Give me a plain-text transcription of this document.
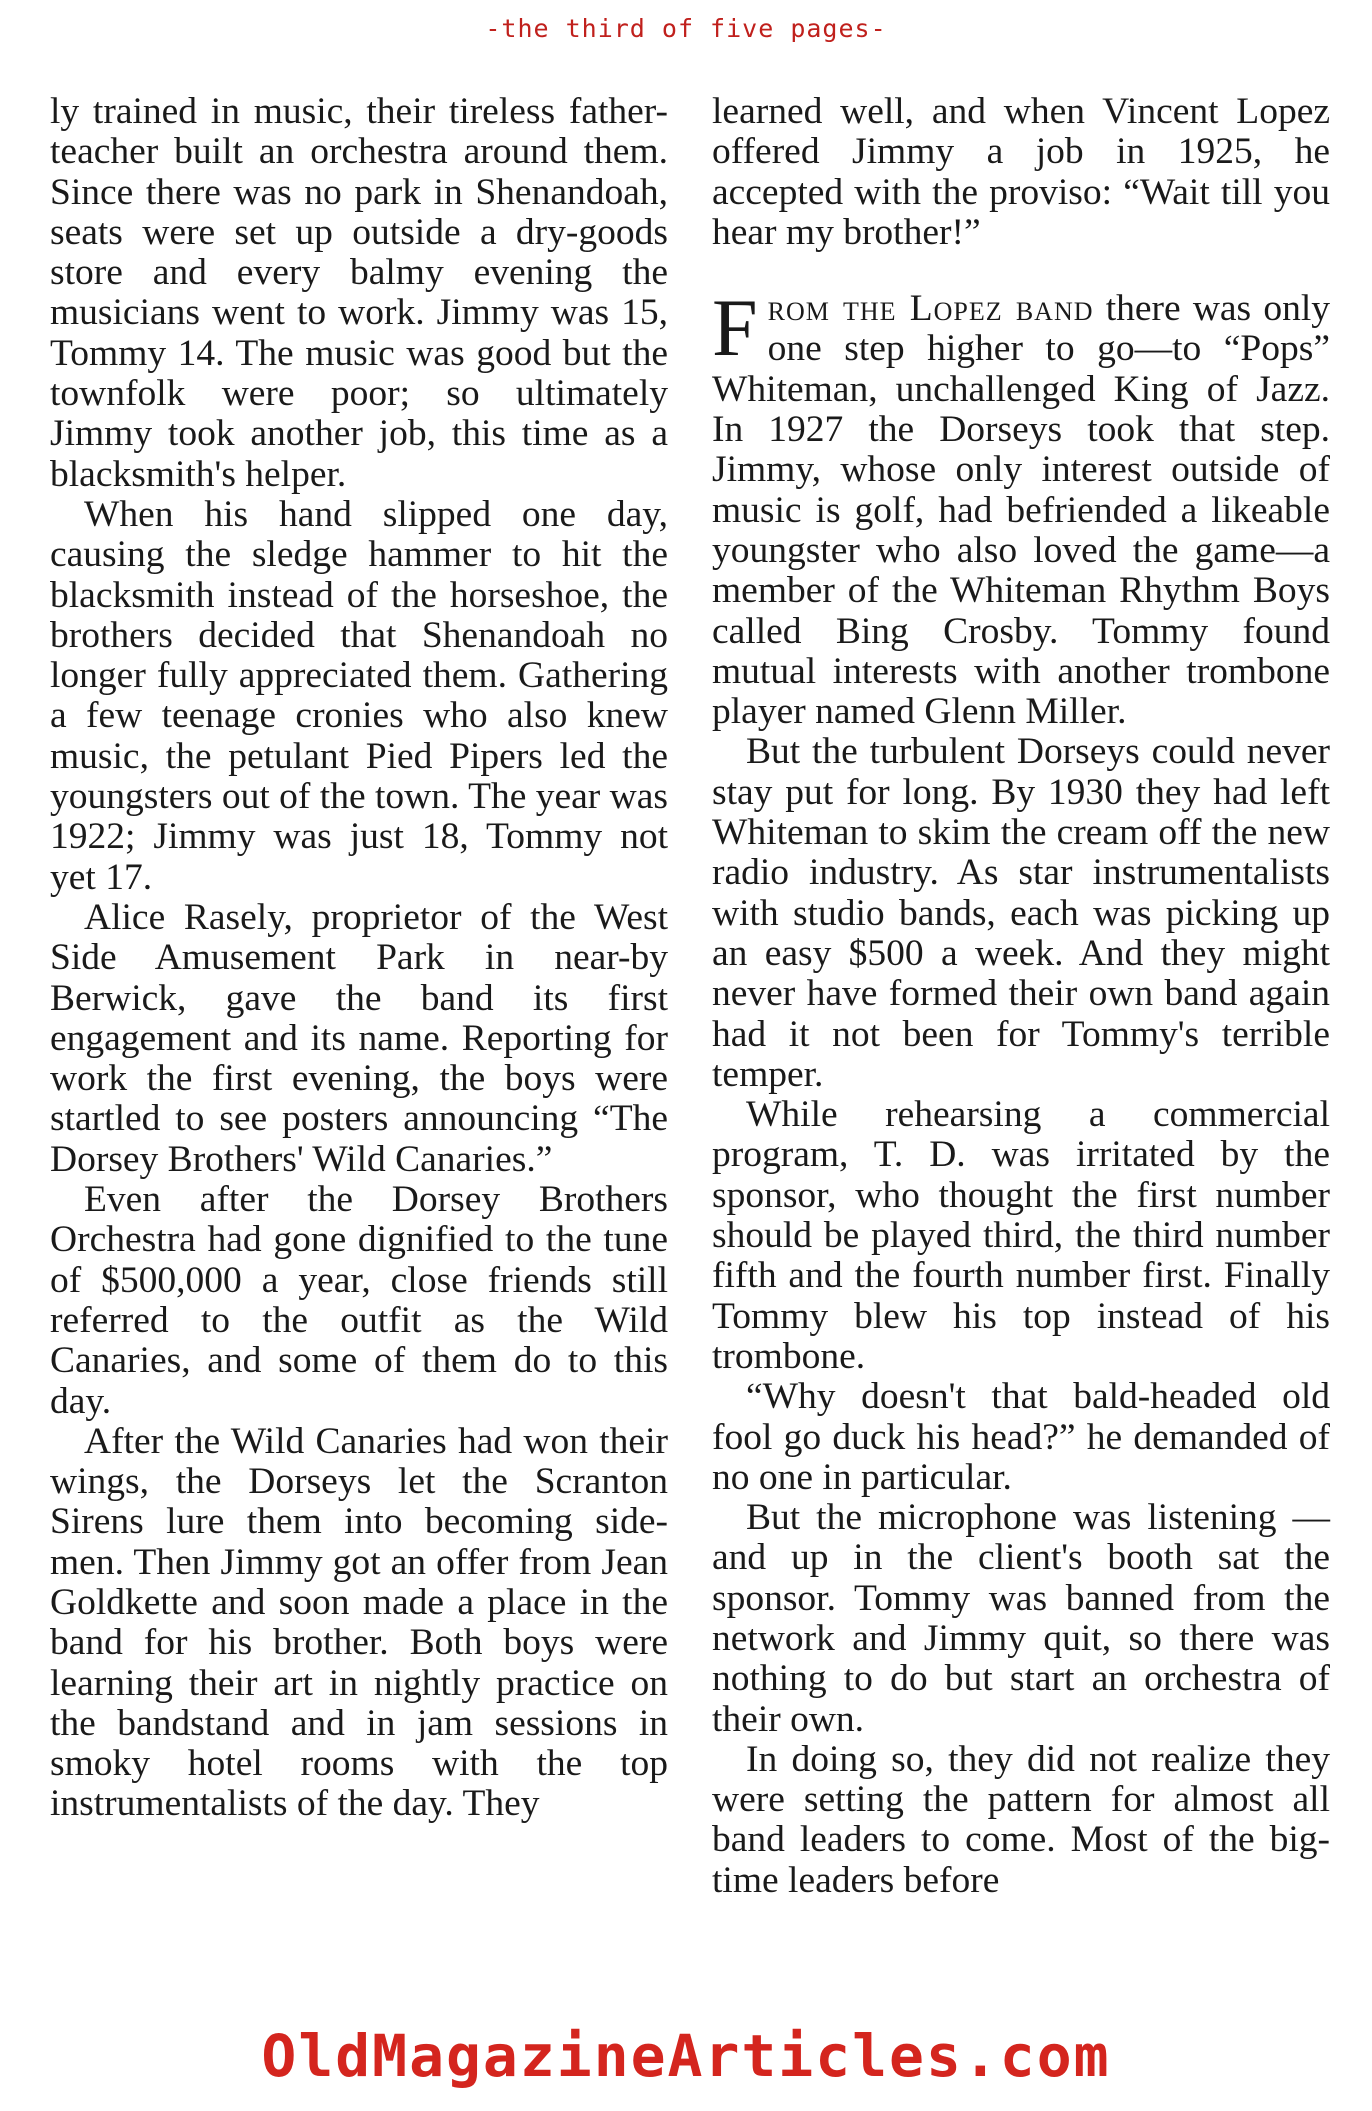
-the third of five pages-

ly trained in music, their tireless father-teacher built an orchestra around them. Since there was no park in Shenandoah, seats were set up outside a dry-goods store and every balmy evening the musicians went to work. Jimmy was 15, Tommy 14. The music was good but the townfolk were poor; so ultimately Jimmy took another job, this time as a blacksmith's helper.

When his hand slipped one day, causing the sledge hammer to hit the blacksmith instead of the horseshoe, the brothers decided that Shenandoah no longer fully appreciated them. Gathering a few teenage cronies who also knew music, the petulant Pied Pipers led the youngsters out of the town. The year was 1922; Jimmy was just 18, Tommy not yet 17.

Alice Rasely, proprietor of the West Side Amusement Park in near-by Berwick, gave the band its first engagement and its name. Reporting for work the first evening, the boys were startled to see posters announcing “The Dorsey Brothers' Wild Canaries.”

Even after the Dorsey Brothers Orchestra had gone dignified to the tune of $500,000 a year, close friends still referred to the outfit as the Wild Canaries, and some of them do to this day.

After the Wild Canaries had won their wings, the Dorseys let the Scranton Sirens lure them into becoming side-men. Then Jimmy got an offer from Jean Goldkette and soon made a place in the band for his brother. Both boys were learning their art in nightly practice on the bandstand and in jam sessions in smoky hotel rooms with the top instrumentalists of the day. They

learned well, and when Vincent Lopez offered Jimmy a job in 1925, he accepted with the proviso: “Wait till you hear my brother!”

From the Lopez band there was only one step higher to go—to “Pops” Whiteman, unchallenged King of Jazz. In 1927 the Dorseys took that step. Jimmy, whose only interest outside of music is golf, had befriended a likeable youngster who also loved the game—a member of the Whiteman Rhythm Boys called Bing Crosby. Tommy found mutual interests with another trombone player named Glenn Miller.

But the turbulent Dorseys could never stay put for long. By 1930 they had left Whiteman to skim the cream off the new radio industry. As star instrumentalists with studio bands, each was picking up an easy $500 a week. And they might never have formed their own band again had it not been for Tommy's terrible temper.

While rehearsing a commercial program, T. D. was irritated by the sponsor, who thought the first number should be played third, the third number fifth and the fourth number first. Finally Tommy blew his top instead of his trombone.

“Why doesn't that bald-headed old fool go duck his head?” he demanded of no one in particular.

But the microphone was listening —and up in the client's booth sat the sponsor. Tommy was banned from the network and Jimmy quit, so there was nothing to do but start an orchestra of their own.

In doing so, they did not realize they were setting the pattern for almost all band leaders to come. Most of the big-time leaders before

OldMagazineArticles.com
